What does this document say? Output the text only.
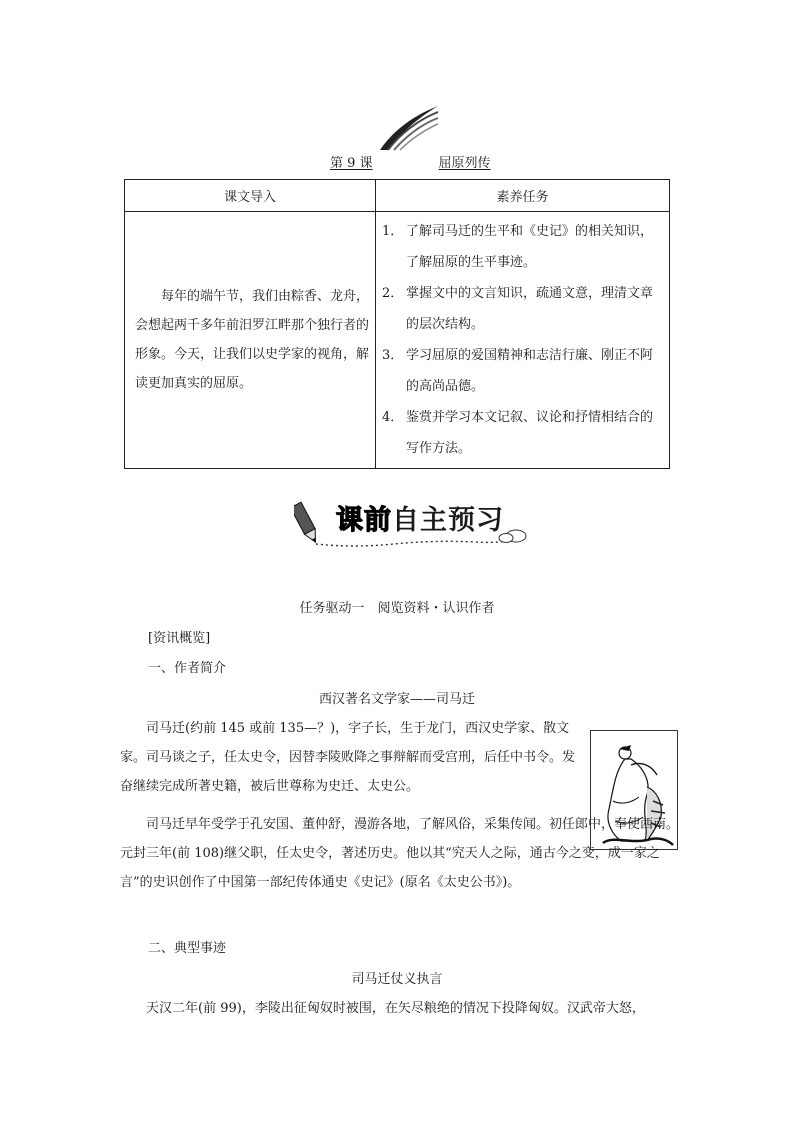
第 9 课	屈原列传
课文导入	素养任务
每年的端午节，我们由粽香、龙舟，会想起两千多年前汨罗江畔那个独行者的形象。今天，让我们以史学家的视角，解读更加真实的屈原。	1． 了解司马迁的生平和《史记》的相关知识，了解屈原的生平事迹。
2． 掌握文中的文言知识，疏通文意，理清文章的层次结构。
3． 学习屈原的爱国精神和志洁行廉、刚正不阿的高尚品德。
4． 鉴赏并学习本文记叙、议论和抒情相结合的写作方法。
课前自主预习
任务驱动一　阅览资料・认识作者
[资讯概览]
一、作者简介
西汉著名文学家——司马迁
司马迁(约前 145 或前 135—？)，字子长，生于龙门，西汉史学家、散文家。司马谈之子，任太史令，因替李陵败降之事辩解而受宫刑，后任中书令。发奋继续完成所著史籍，被后世尊称为史迁、太史公。
司马迁早年受学于孔安国、董仲舒，漫游各地，了解风俗，采集传闻。初任郎中，奉使西南。元封三年(前 108)继父职，任太史令，著述历史。他以其“究天人之际，通古今之变，成一家之言”的史识创作了中国第一部纪传体通史《史记》(原名《太史公书》)。
二、典型事迹
司马迁仗义执言
天汉二年(前 99)，李陵出征匈奴时被围，在矢尽粮绝的情况下投降匈奴。汉武帝大怒，
